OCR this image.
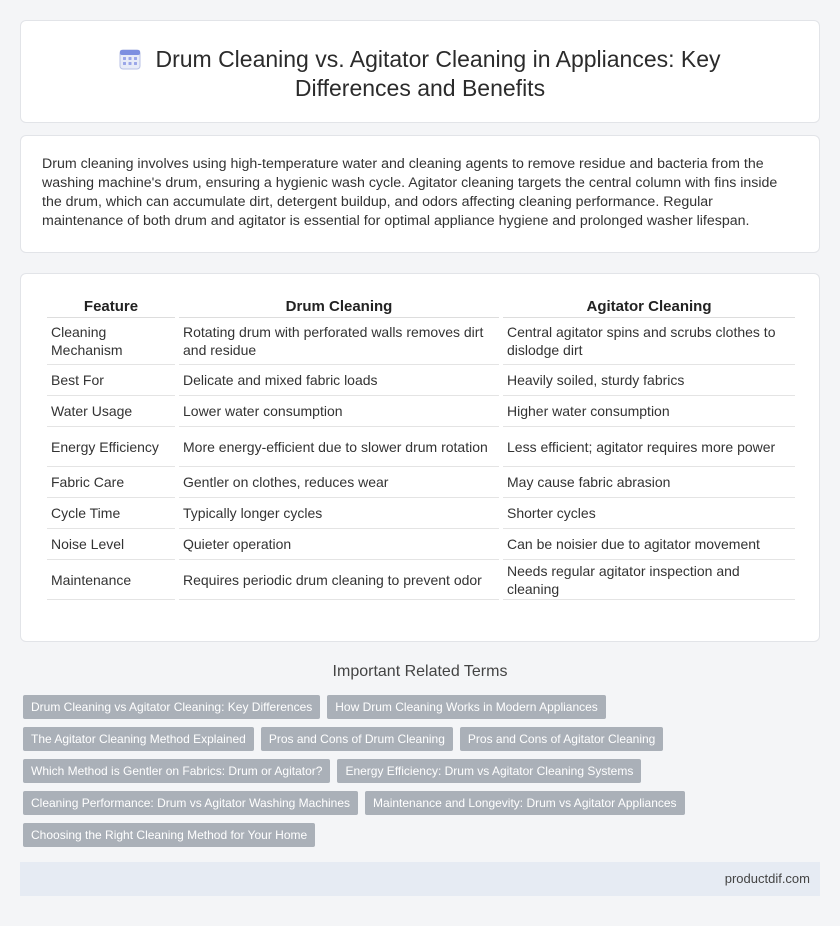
Drum Cleaning vs. Agitator Cleaning in Appliances: Key Differences and Benefits

Drum cleaning involves using high-temperature water and cleaning agents to remove residue and bacteria from the washing machine's drum, ensuring a hygienic wash cycle. Agitator cleaning targets the central column with fins inside the drum, which can accumulate dirt, detergent buildup, and odors affecting cleaning performance. Regular maintenance of both drum and agitator is essential for optimal appliance hygiene and prolonged washer lifespan.

Feature	Drum Cleaning	Agitator Cleaning
Cleaning Mechanism	Rotating drum with perforated walls removes dirt and residue	Central agitator spins and scrubs clothes to dislodge dirt
Best For	Delicate and mixed fabric loads	Heavily soiled, sturdy fabrics
Water Usage	Lower water consumption	Higher water consumption
Energy Efficiency	More energy-efficient due to slower drum rotation	Less efficient; agitator requires more power
Fabric Care	Gentler on clothes, reduces wear	May cause fabric abrasion
Cycle Time	Typically longer cycles	Shorter cycles
Noise Level	Quieter operation	Can be noisier due to agitator movement
Maintenance	Requires periodic drum cleaning to prevent odor	Needs regular agitator inspection and cleaning
Important Related Terms
Drum Cleaning vs Agitator Cleaning: Key Differences	How Drum Cleaning Works in Modern Appliances
The Agitator Cleaning Method Explained	Pros and Cons of Drum Cleaning	Pros and Cons of Agitator Cleaning
Which Method is Gentler on Fabrics: Drum or Agitator?	Energy Efficiency: Drum vs Agitator Cleaning Systems
Cleaning Performance: Drum vs Agitator Washing Machines	Maintenance and Longevity: Drum vs Agitator Appliances
Choosing the Right Cleaning Method for Your Home
productdif.com
